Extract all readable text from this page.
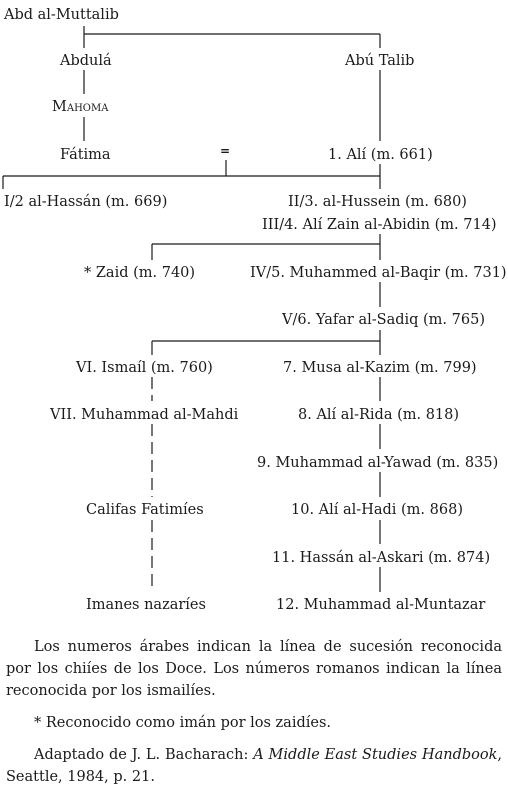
Abd al-Muttalib
Abdulá	Abú Talib
Mahoma
Fátima	1. Alí (m. 661)
=
I/2 al-Hassán (m. 669)	II/3. al-Hussein (m. 680)
III/4. Alí Zain al-Abidin (m. 714)
* Zaid (m. 740)	IV/5. Muhammed al-Baqir (m. 731)
V/6. Yafar al-Sadiq (m. 765)
VI. Ismaíl (m. 760)	7. Musa al-Kazim (m. 799)
VII. Muhammad al-Mahdi	8. Alí al-Rida (m. 818)
9. Muhammad al-Yawad (m. 835)
Califas Fatimíes	10. Alí al-Hadi (m. 868)
11. Hassán al-Askari (m. 874)
Imanes nazaríes	12. Muhammad al-Muntazar

Los numeros árabes indican la línea de sucesión reconocida por los chiíes de los Doce. Los números romanos indican la línea reconocida por los ismailíes.

* Reconocido como imán por los zaidíes.

Adaptado de J. L. Bacharach: A Middle East Studies Handbook, Seattle, 1984, p. 21.
